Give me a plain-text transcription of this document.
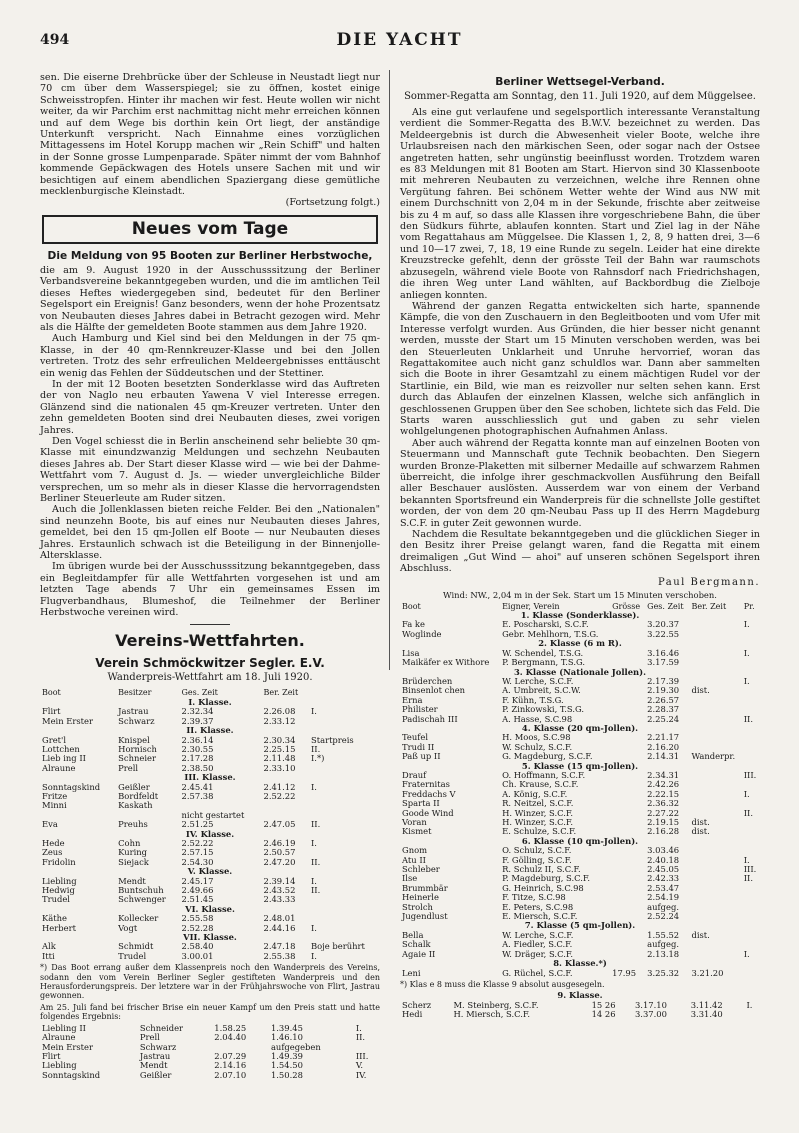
494	DIE YACHT

sen. Die eiserne Drehbrücke über der Schleuse in Neustadt liegt nur 70 cm über dem Wasserspiegel; sie zu öffnen, kostet einige Schweisstropfen. Hinter ihr machen wir fest. Heute wollen wir nicht weiter, da wir Parchim erst nachmittag nicht mehr erreichen können und auf dem Wege bis dorthin kein Ort liegt, der anständige Unterkunft verspricht. Nach Einnahme eines vorzüglichen Mittagessens im Hotel Korupp machen wir „Rein Schiff" und halten in der Sonne grosse Lumpenparade. Später nimmt der vom Bahnhof kommende Gepäckwagen des Hotels unsere Sachen mit und wir besichtigen auf einem abendlichen Spaziergang diese gemütliche mecklenburgische Kleinstadt.

(Fortsetzung folgt.)

Neues vom Tage
Die Meldung von 95 Booten zur Berliner Herbstwoche,

die am 9. August 1920 in der Ausschusssitzung der Berliner Verbandsvereine bekanntgegeben wurden, und die im amtlichen Teil dieses Heftes wiedergegeben sind, bedeutet für den Berliner Segelsport ein Ereignis! Ganz besonders, wenn der hohe Prozentsatz von Neubauten dieses Jahres dabei in Betracht gezogen wird. Mehr als die Hälfte der gemeldeten Boote stammen aus dem Jahre 1920.

Auch Hamburg und Kiel sind bei den Meldungen in der 75 qm-Klasse, in der 40 qm-Rennkreuzer-Klasse und bei den Jollen vertreten. Trotz des sehr erfreulichen Meldeergebnisses enttäuscht ein wenig das Fehlen der Süddeutschen und der Stettiner.

In der mit 12 Booten besetzten Sonderklasse wird das Auftreten der von Naglo neu erbauten Yawena V viel Interesse erregen. Glänzend sind die nationalen 45 qm-Kreuzer vertreten. Unter den zehn gemeldeten Booten sind drei Neubauten dieses, zwei vorigen Jahres.

Den Vogel schiesst die in Berlin anscheinend sehr beliebte 30 qm-Klasse mit einundzwanzig Meldungen und sechzehn Neubauten dieses Jahres ab. Der Start dieser Klasse wird — wie bei der Dahme-Wettfahrt vom 7. August d. Js. — wieder unvergleichliche Bilder versprechen, um so mehr als in dieser Klasse die hervorragendsten Berliner Steuerleute am Ruder sitzen.

Auch die Jollenklassen bieten reiche Felder. Bei den „Nationalen" sind neunzehn Boote, bis auf eines nur Neubauten dieses Jahres, gemeldet, bei den 15 qm-Jollen elf Boote — nur Neubauten dieses Jahres. Erstaunlich schwach ist die Beteiligung in der Binnenjolle-Altersklasse.

Im übrigen wurde bei der Ausschusssitzung bekanntgegeben, dass ein Begleitdampfer für alle Wettfahrten vorgesehen ist und am letzten Tage abends 7 Uhr ein gemeinsames Essen im Flugverbandhaus, Blumeshof, die Teilnehmer der Berliner Herbstwoche vereinen wird.

Vereins-Wettfahrten.
Verein Schmöckwitzer Segler. E.V.
Wanderpreis-Wettfahrt am 18. Juli 1920.
Boot	Besitzer	Ges. Zeit	Ber. Zeit	
I. Klasse.				
Flirt	Jastrau	2.32.34	2.26.08	I.
Mein Erster	Schwarz	2.39.37	2.33.12	
II. Klasse.				
Gret'l	Knispel	2.36.14	2.30.34	Startpreis
Lottchen	Hornisch	2.30.55	2.25.15	II.
Lieb ing II	Schneier	2.17.28	2.11.48	I.*)
Alraune	Prell	2.38.50	2.33.10	
III. Klasse.				
Sonntagskind	Geißler	2.45.41	2.41.12	I.
Fritze	Bordfeldt	2.57.38	2.52.22	
Minni	Kaskath			
		nicht gestartet		
Eva	Preuhs	2.51.25	2.47.05	II.
IV. Klasse.				
Hede	Cohn	2.52.22	2.46.19	I.
Zeus	Kuring	2.57.15	2.50.57	
Fridolin	Siejack	2.54.30	2.47.20	II.
V. Klasse.				
Liebling	Mendt	2.45.17	2.39.14	I.
Hedwig	Buntschuh	2.49.66	2.43.52	II.
Trudel	Schwenger	2.51.45	2.43.33	
VI. Klasse.				
Käthe	Kollecker	2.55.58	2.48.01	
Herbert	Vogt	2.52.28	2.44.16	I.
VII. Klasse.				
Alk	Schmidt	2.58.40	2.47.18	Boje berührt
Itti	Trudel	3.00.01	2.55.38	I.

*) Das Boot errang außer dem Klassenpreis noch den Wanderpreis des Vereins, sodann den vom Verein Berliner Segler gestifteten Wanderpreis und den Herausforderungspreis. Der letztere war in der Frühjahrswoche von Flirt, Jastrau gewonnen.

Am 25. Juli fand bei frischer Brise ein neuer Kampf um den Preis statt und hatte folgendes Ergebnis:

Liebling II	Schneider	1.58.25	1.39.45	I.
Alraune	Prell	2.04.40	1.46.10	II.
Mein Erster	Schwarz		aufgegeben	
Flirt	Jastrau	2.07.29	1.49.39	III.
Liebling	Mendt	2.14.16	1.54.50	V.
Sonntagskind	Geißler	2.07.10	1.50.28	IV.
Berliner Wettsegel-Verband.
Sommer-Regatta am Sonntag, den 11. Juli 1920, auf dem Müggelsee.

Als eine gut verlaufene und segelsportlich interessante Veranstaltung verdient die Sommer-Regatta des B.W.V. bezeichnet zu werden. Das Meldeergebnis ist durch die Abwesenheit vieler Boote, welche ihre Urlaubsreisen nach den märkischen Seen, oder sogar nach der Ostsee angetreten hatten, sehr ungünstig beeinflusst worden. Trotzdem waren es 83 Meldungen mit 81 Booten am Start. Hiervon sind 30 Klassenboote mit mehreren Neubauten zu verzeichnen, welche ihre Rennen ohne Vergütung fahren. Bei schönem Wetter wehte der Wind aus NW mit einem Durchschnitt von 2,04 m in der Sekunde, frischte aber zeitweise bis zu 4 m auf, so dass alle Klassen ihre vorgeschriebene Bahn, die über den Südkurs führte, ablaufen konnten. Start und Ziel lag in der Nähe vom Regattahaus am Müggelsee. Die Klassen 1, 2, 8, 9 hatten drei, 3—6 und 10—17 zwei, 7, 18, 19 eine Runde zu segeln. Leider hat eine direkte Kreuzstrecke gefehlt, denn der grösste Teil der Bahn war raumschots abzusegeln, während viele Boote von Rahnsdorf nach Friedrichshagen, die ihren Weg unter Land wählten, auf Backbordbug die Zielboje anliegen konnten.

Während der ganzen Regatta entwickelten sich harte, spannende Kämpfe, die von den Zuschauern in den Begleitbooten und vom Ufer mit Interesse verfolgt wurden. Aus Gründen, die hier besser nicht genannt werden, musste der Start um 15 Minuten verschoben werden, was bei den Steuerleuten Unklarheit und Unruhe hervorrief, woran das Regattakomitee auch nicht ganz schuldlos war. Dann aber sammelten sich die Boote in ihrer Gesamtzahl zu einem mächtigen Rudel vor der Startlinie, ein Bild, wie man es reizvoller nur selten sehen kann. Erst durch das Ablaufen der einzelnen Klassen, welche sich anfänglich in geschlossenen Gruppen über den See schoben, lichtete sich das Feld. Die Starts waren ausschliesslich gut und gaben zu sehr vielen wohlgelungenen photographischen Aufnahmen Anlass.

Aber auch während der Regatta konnte man auf einzelnen Booten von Steuermann und Mannschaft gute Technik beobachten. Den Siegern wurden Bronze-Plaketten mit silberner Medaille auf schwarzem Rahmen überreicht, die infolge ihrer geschmackvollen Ausführung den Beifall aller Beschauer auslösten. Ausserdem war von einem der Verband bekannten Sportsfreund ein Wanderpreis für die schnellste Jolle gestiftet worden, der von dem 20 qm-Neubau Pass up II des Herrn Magdeburg S.C.F. in guter Zeit gewonnen wurde.

Nachdem die Resultate bekanntgegeben und die glücklichen Sieger in den Besitz ihrer Preise gelangt waren, fand die Regatta mit einem dreimaligen „Gut Wind — ahoi" auf unseren schönen Segelsport ihren Abschluss.

Paul Bergmann.
Wind: NW., 2,04 m in der Sek. Start um 15 Minuten verschoben.
Boot	Eigner, Verein	Grösse	Ges. Zeit	Ber. Zeit	Pr.
1. Klasse (Sonderklasse).					
Fa ke	E. Poscharski, S.C.F.		3.20.37		I.
Woglinde	Gebr. Mehlhorn, T.S.G.		3.22.55		
2. Klasse (6 m R).					
Lisa	W. Schendel, T.S.G.		3.16.46		I.
Maikäfer ex Withore	P. Bergmann, T.S.G.		3.17.59		
3. Klasse (Nationale Jollen).					
Brüderchen	W. Lerche, S.C.F.		2.17.39		I.
Binsenlot chen	A. Umbreit, S.C.W.		2.19.30	dist.	
Erna	F. Kühn, T.S.G.		2.26.57		
Philister	P. Zinkowski, T.S.G.		2.28.37		
Padischah III	A. Hasse, S.C.98		2.25.24		II.
4. Klasse (20 qm-Jollen).					
Teufel	H. Moos, S.C.98		2.21.17		
Trudi II	W. Schulz, S.C.F.		2.16.20		
Paß up II	G. Magdeburg, S.C.F.		2.14.31	Wanderpr.	
5. Klasse (15 qm-Jollen).					
Drauf	O. Hoffmann, S.C.F.		2.34.31		III.
Fraternitas	Ch. Krause, S.C.F.		2.42.26		
Freddachs V	A. König, S.C.F.		2.22.15		I.
Sparta II	R. Neitzel, S.C.F.		2.36.32		
Goode Wind	H. Winzer, S.C.F.		2.27.22		II.
Voran	H. Winzer, S.C.F.		2.19.15	dist.	
Kismet	E. Schulze, S.C.F.		2.16.28	dist.	
6. Klasse (10 qm-Jollen).					
Gnom	O. Schulz, S.C.F.		3.03.46		
Atu II	F. Gölling, S.C.F.		2.40.18		I.
Schleber	R. Schulz II, S.C.F.		2.45.05		III.
Ilse	P. Magdeburg, S.C.F.		2.42.33		II.
Brummbär	G. Heinrich, S.C.98		2.53.47		
Heinerle	F. Titze, S.C.98		2.54.19		
Strolch	E. Peters, S.C.98		aufgeg.		
Jugendlust	E. Miersch, S.C.F.		2.52.24		
7. Klasse (5 qm-Jollen).					
Bella	W. Lerche, S.C.F.		1.55.52	dist.	
Schalk	A. Fiedler, S.C.F.		aufgeg.		
Agaie II	W. Dräger, S.C.F.		2.13.18		I.
8. Klasse.*)					
Leni	G. Rüchel, S.C.F.	17.95	3.25.32	3.21.20	

*) Klas e 8 muss die Klasse 9 absolut ausgesegeln.

9. Klasse.					
Scherz	M. Steinberg, S.C.F.	15 26	3.17.10	3.11.42	I.
Hedi	H. Miersch, S.C.F.	14 26	3.37.00	3.31.40	
